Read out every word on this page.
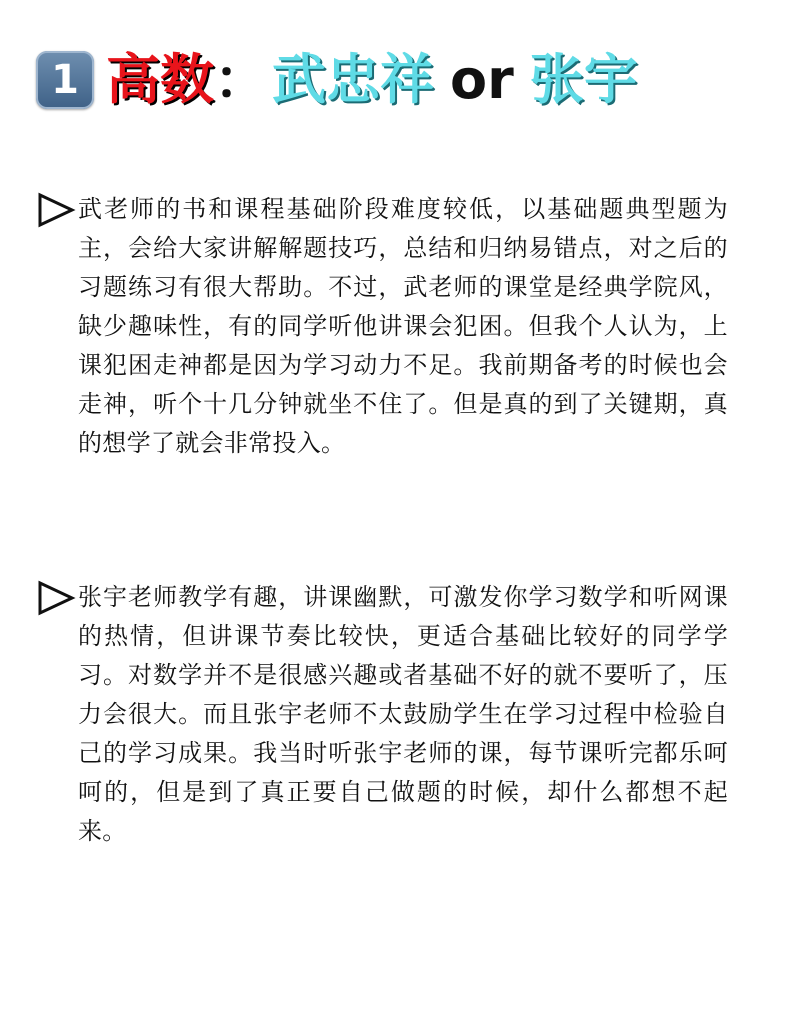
1 高数 ： 武忠祥 or 张宇

武老师的书和课程基础阶段难度较低，以基础题典型题为主，会给大家讲解解题技巧，总结和归纳易错点，对之后的习题练习有很大帮助。不过，武老师的课堂是经典学院风，缺少趣味性，有的同学听他讲课会犯困。但我个人认为，上课犯困走神都是因为学习动力不足。我前期备考的时候也会走神，听个十几分钟就坐不住了。但是真的到了关键期，真的想学了就会非常投入。

张宇老师教学有趣，讲课幽默，可激发你学习数学和听网课的热情，但讲课节奏比较快，更适合基础比较好的同学学习。对数学并不是很感兴趣或者基础不好的就不要听了，压力会很大。而且张宇老师不太鼓励学生在学习过程中检验自己的学习成果。我当时听张宇老师的课，每节课听完都乐呵呵的，但是到了真正要自己做题的时候，却什么都想不起来。
